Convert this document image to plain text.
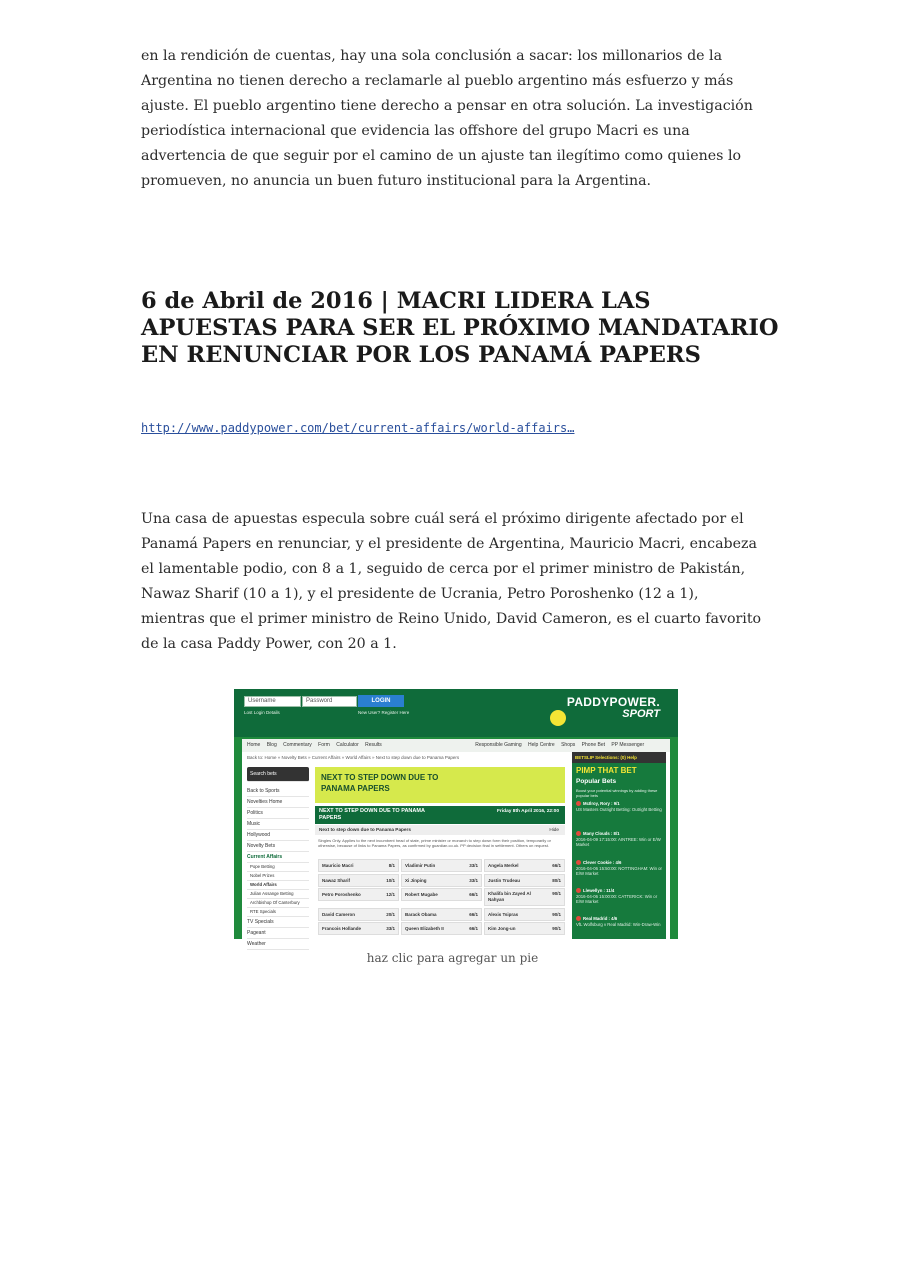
en la rendición de cuentas, hay una sola conclusión a sacar: los millonarios de la Argentina no tienen derecho a reclamarle al pueblo argentino más esfuerzo y más ajuste. El pueblo argentino tiene derecho a pensar en otra solución. La investigación periodística internacional que evidencia las offshore del grupo Macri es una advertencia de que seguir por el camino de un ajuste tan ilegítimo como quienes lo promueven, no anuncia un buen futuro institucional para la Argentina.

6 de Abril de 2016 | MACRI LIDERA LAS APUESTAS PARA SER EL PRÓXIMO MANDATARIO EN RENUNCIAR POR LOS PANAMÁ PAPERS
http://www.paddypower.com/bet/current-affairs/world-affairs…

Una casa de apuestas especula sobre cuál será el próximo dirigente afectado por el Panamá Papers en renunciar, y el presidente de Argentina, Mauricio Macri, encabeza el lamentable podio, con 8 a 1, seguido de cerca por el primer ministro de Pakistán, Nawaz Sharif (10 a 1), y el presidente de Ucrania, Petro Poroshenko (12 a 1), mientras que el primer ministro de Reino Unido, David Cameron, es el cuarto favorito de la casa Paddy Power, con 20 a 1.

Username	Password	LOGIN
Lost Login Details	New User? Register Here
PADDYPOWER.
SPORT
Home Blog Commentary Form Calculator Results	Responsible Gaming Help Centre Shops Phone Bet PP Messenger
Back to: Home » Novelty Bets » Current Affairs » World Affairs » Next to step down due to Panama Papers
Search bets
Back to Sports
Novelties Home
Politics
Music
Hollywood
Novelty Bets
Current Affairs
Pope Betting
Nobel Prizes
World Affairs
Julian Assange Betting
Archbishop Of Canterbury
RTE Specials
TV Specials
Pageant
Weather
NEXT TO STEP DOWN DUE TO PANAMA PAPERS
NEXT TO STEP DOWN DUE TO PANAMA PAPERS
Friday 8th April 2016, 22:00
Next to step down due to Panama Papers	Hide
Singles Only. Applies to the next incumbent head of state, prime minister or monarch to step down form their position, temporarily or otherwise, because of links to Panama Papers, as confirmed by guardian.co.uk. PP decision final in settlement. Others on request.
Mauricio Macri	8/1 Vladimir Putin	33/1 Angela Merkel	66/1
Nawaz Sharif	10/1 Xi Jinping	33/1 Justin Trudeau	80/1
Petro Poroshenko	12/1 Robert Mugabe	66/1 Khalifa bin Zayed Al Nahyan
90/1
David Cameron	20/1 Barack Obama	66/1 Alexis Tsipras	90/1
Francois Hollande	33/1 Queen Elizabeth II	66/1 Kim Jong-un	90/1
BETSLIP Selections: (0) Help
PIMP THAT BET
Popular Bets
Boost your potential winnings by adding these popular bets
McIlroy, Rory : 9/1
US Masters Outright Betting: Outright Betting
Many Clouds : 8/1
2016-04-09 17:15:00: AINTREE: Win or E/W Market
Clever Cookie : 4/6
2016-04-06 15:50:00: NOTTINGHAM: Win or E/W Market
Llewellyn : 11/4
2016-04-06 15:00:00: CATTERICK: Win or E/W Market
Real Madrid : 4/6
VfL Wolfsburg v Real Madrid: Win-Draw-Win
haz clic para agregar un pie
